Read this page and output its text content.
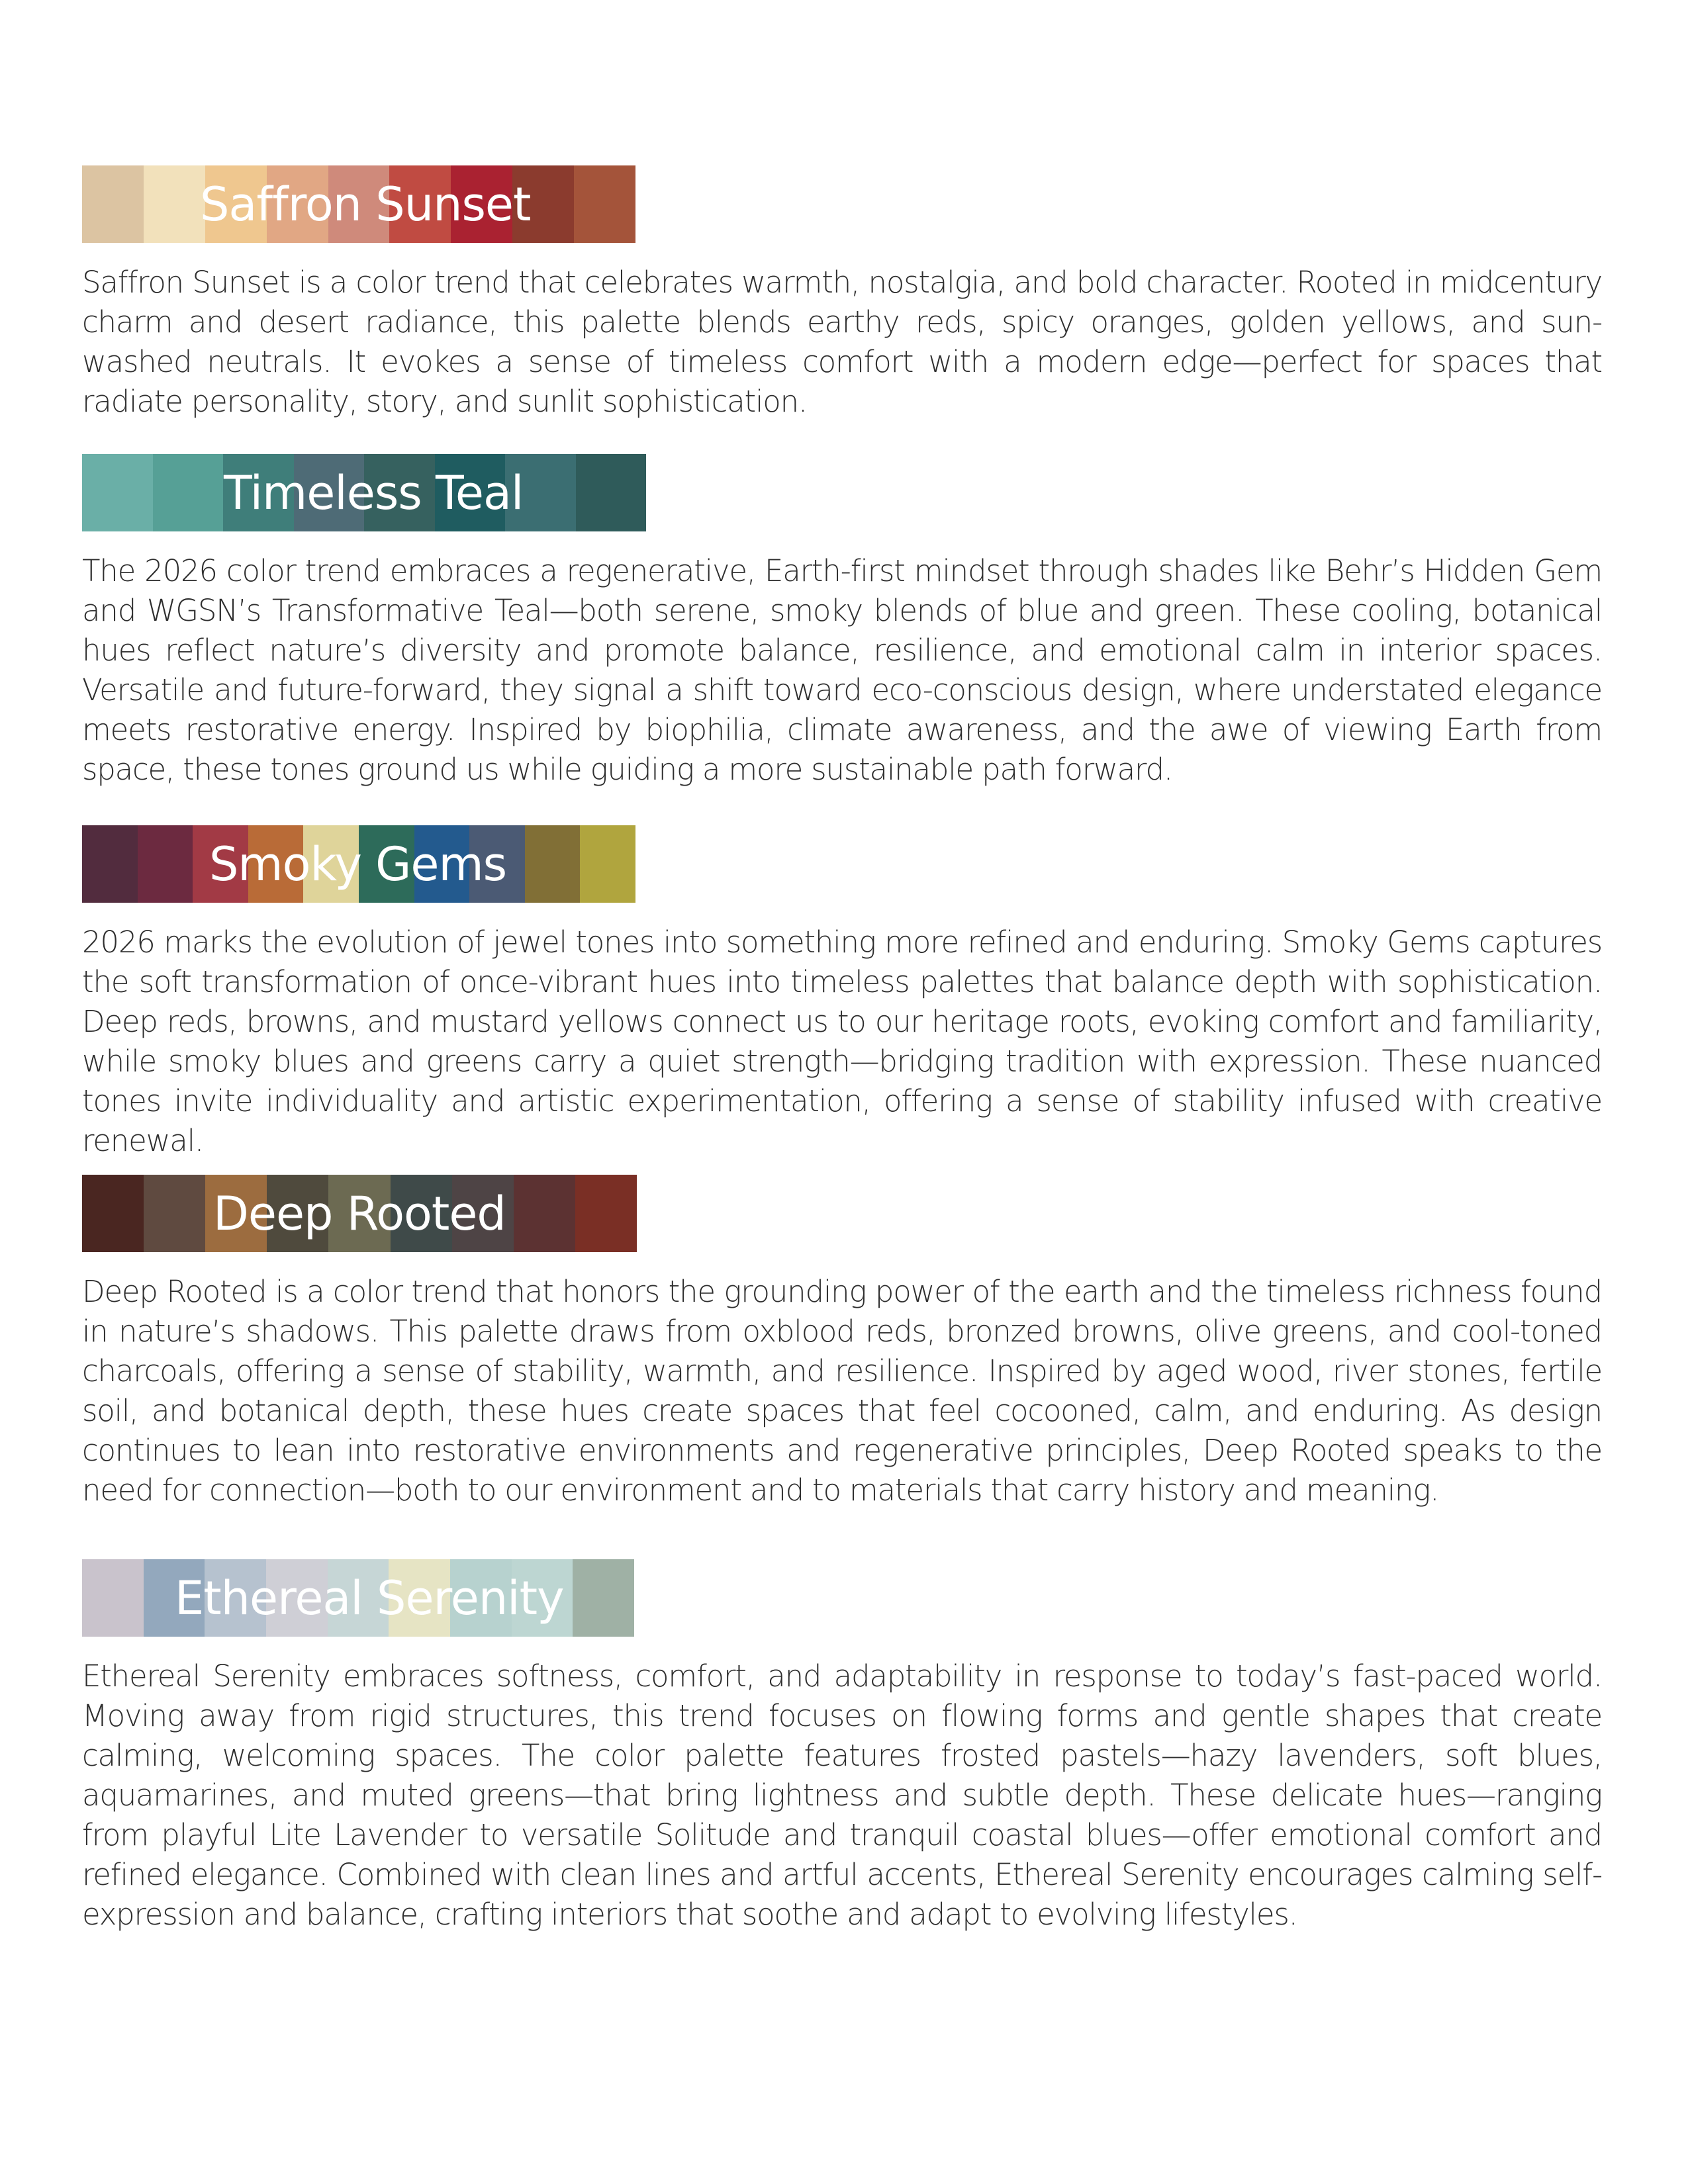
Saffron Sunset

Saffron Sunset is a color trend that celebrates warmth, nostalgia, and bold character. Rooted in midcentury charm and desert radiance, this palette blends earthy reds, spicy oranges, golden yellows, and sun-washed neutrals. It evokes a sense of timeless comfort with a modern edge—perfect for spaces that radiate personality, story, and sunlit sophistication.

Timeless Teal

The 2026 color trend embraces a regenerative, Earth-first mindset through shades like Behr’s Hidden Gem and WGSN’s Transformative Teal—both serene, smoky blends of blue and green. These cooling, botanical hues reflect nature’s diversity and promote balance, resilience, and emotional calm in interior spaces. Versatile and future-forward, they signal a shift toward eco-conscious design, where understated elegance meets restorative energy. Inspired by biophilia, climate awareness, and the awe of viewing Earth from space, these tones ground us while guiding a more sustainable path forward.

Smoky Gems

2026 marks the evolution of jewel tones into something more refined and enduring. Smoky Gems captures the soft transformation of once-vibrant hues into timeless palettes that balance depth with sophistication. Deep reds, browns, and mustard yellows connect us to our heritage roots, evoking comfort and familiarity, while smoky blues and greens carry a quiet strength—bridging tradition with expression. These nuanced tones invite individuality and artistic experimentation, offering a sense of stability infused with creative renewal.

Deep Rooted

Deep Rooted is a color trend that honors the grounding power of the earth and the timeless richness found in nature’s shadows. This palette draws from oxblood reds, bronzed browns, olive greens, and cool-toned charcoals, offering a sense of stability, warmth, and resilience. Inspired by aged wood, river stones, fertile soil, and botanical depth, these hues create spaces that feel cocooned, calm, and enduring. As design continues to lean into restorative environments and regenerative principles, Deep Rooted speaks to the need for connection—both to our environment and to materials that carry history and meaning.

Ethereal Serenity

Ethereal Serenity embraces softness, comfort, and adaptability in response to today’s fast-paced world. Moving away from rigid structures, this trend focuses on flowing forms and gentle shapes that create calming, welcoming spaces. The color palette features frosted pastels—hazy lavenders, soft blues, aquamarines, and muted greens—that bring lightness and subtle depth. These delicate hues—ranging from playful Lite Lavender to versatile Solitude and tranquil coastal blues—offer emotional comfort and refined elegance. Combined with clean lines and artful accents, Ethereal Serenity encourages calming self-expression and balance, crafting interiors that soothe and adapt to evolving lifestyles.
